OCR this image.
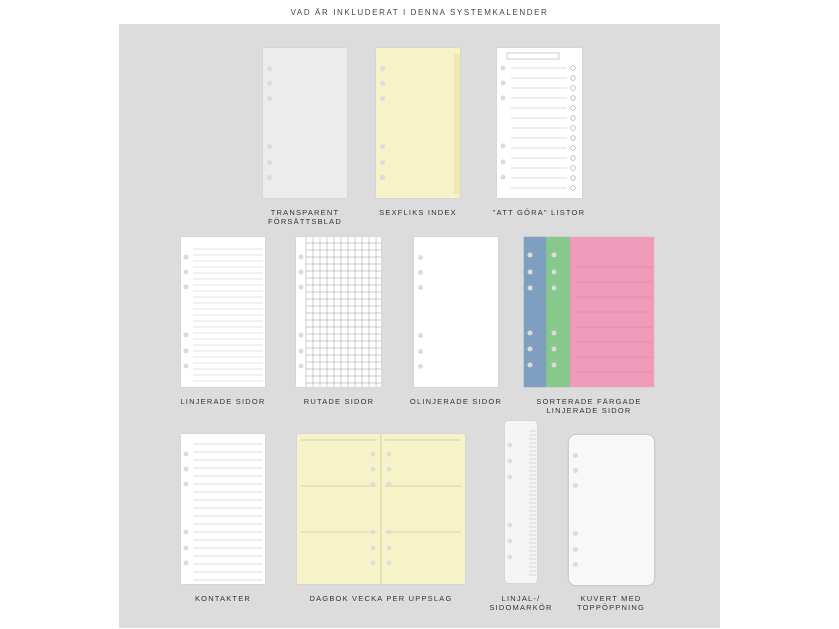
VAD ÄR INKLUDERAT I DENNA SYSTEMKALENDER
TRANSPARENT
FÖRSÄTTSBLAD
SEXFLIKS INDEX	"ATT GÖRA" LISTOR
LINJERADE SIDOR	RUTADE SIDOR	OLINJERADE SIDOR	SORTERADE FÄRGADE
LINJERADE SIDOR
KONTAKTER	DAGBOK VECKA PER UPPSLAG	LINJAL-/
SIDOMARKÖR
KUVERT MED
TOPPÖPPNING
